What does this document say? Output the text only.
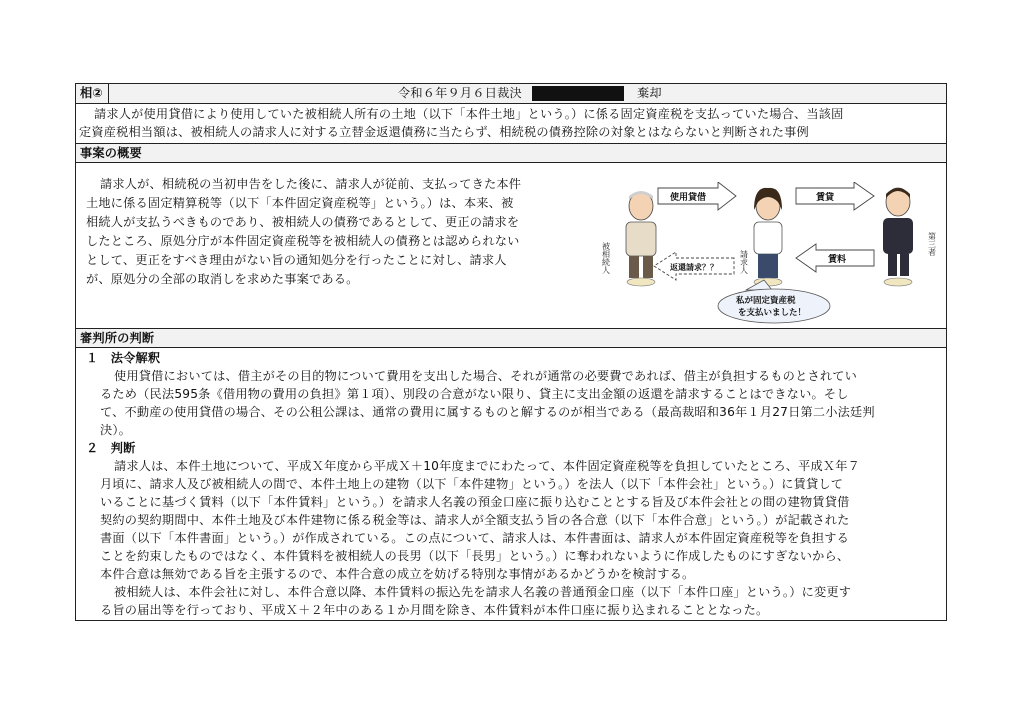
相②	令和６年９月６日裁決	棄却
請求人が使用貸借により使用していた被相続人所有の土地（以下「本件土地」という。）に係る固定資産税を支払っていた場合、当該固
定資産税相当額は、被相続人の請求人に対する立替金返還債務に当たらず、相続税の債務控除の対象とはならないと判断された事例
事案の概要
請求人が、相続税の当初申告をした後に、請求人が従前、支払ってきた本件
土地に係る固定精算税等（以下「本件固定資産税等」という。）は、本来、被
相続人が支払うべきものであり、被相続人の債務であるとして、更正の請求を
したところ、原処分庁が本件固定資産税等を被相続人の債務とは認められない
として、更正をすべき理由がない旨の通知処分を行ったことに対し、請求人
が、原処分の全部の取消しを求めた事案である。
審判所の判断
１　法令解釈
使用貸借においては、借主がその目的物について費用を支出した場合、それが通常の必要費であれば、借主が負担するものとされてい
るため（民法595条《借用物の費用の負担》第１項）、別段の合意がない限り、貸主に支出金額の返還を請求することはできない。そし
て、不動産の使用貸借の場合、その公租公課は、通常の費用に属するものと解するのが相当である（最高裁昭和36年１月27日第二小法廷判
決）。
２　判断
請求人は、本件土地について、平成Ｘ年度から平成Ｘ＋10年度までにわたって、本件固定資産税等を負担していたところ、平成Ｘ年７
月頃に、請求人及び被相続人の間で、本件土地上の建物（以下「本件建物」という。）を法人（以下「本件会社」という。）に賃貸して
いることに基づく賃料（以下「本件賃料」という。）を請求人名義の預金口座に振り込むこととする旨及び本件会社との間の建物賃貸借
契約の契約期間中、本件土地及び本件建物に係る税金等は、請求人が全額支払う旨の各合意（以下「本件合意」という。）が記載された
書面（以下「本件書面」という。）が作成されている。この点について、請求人は、本件書面は、請求人が本件固定資産税等を負担する
ことを約束したものではなく、本件賃料を被相続人の長男（以下「長男」という。）に奪われないように作成したものにすぎないから、
本件合意は無効である旨を主張するので、本件合意の成立を妨げる特別な事情があるかどうかを検討する。
被相続人は、本件会社に対し、本件合意以降、本件賃料の振込先を請求人名義の普通預金口座（以下「本件口座」という。）に変更す
る旨の届出等を行っており、平成Ｘ＋２年中のある１か月間を除き、本件賃料が本件口座に振り込まれることとなった。
被相続人	請求人
第三者
使用貸借	賃貸
賃料
返還請求？？
私が固定資産税
を支払いました！
